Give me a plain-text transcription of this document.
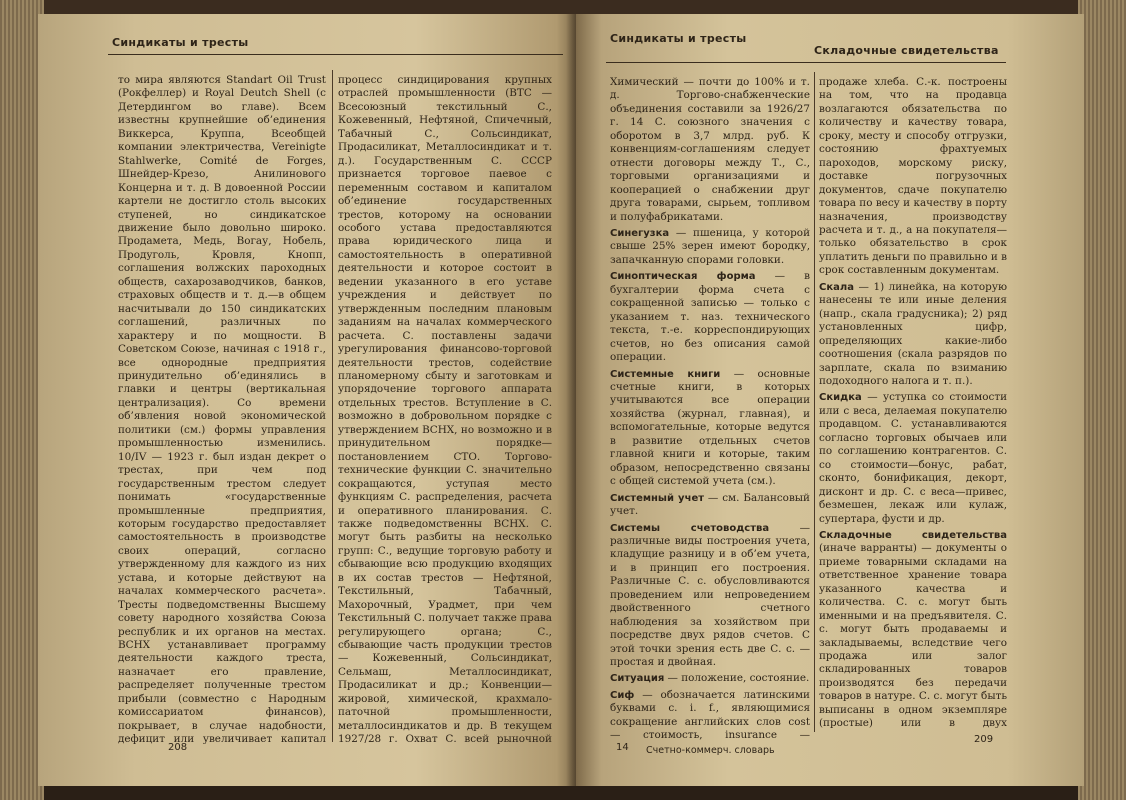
Синдикаты и тресты

то мира являются Standart Oil Trust (Рокфеллер) и Royal Deutch Shell (с Детердингом во главе). Всем известны крупнейшие об’единения Виккерса, Круппа, Всеобщей компании электричества, Vereinigte Stahlwerke, Comité de Forges, Шнейдер-Крезо, Анилинового Концерна и т. д. В довоенной России картели не достигло столь высоких ступеней, но синдикатское движение было довольно широко. Продамета, Медь, Вогау, Нобель, Продуголь, Кровля, Кнопп, соглашения волжских пароходных обществ, сахарозаводчиков, банков, страховых обществ и т. д.—в общем насчитывали до 150 синдикатских соглашений, различных по характеру и по мощности. В Советском Союзе, начиная с 1918 г., все однородные предприятия принудительно об’единялись в главки и центры (вертикальная централизация). Со времени об’явления новой экономической политики (см.) формы управления промышленностью изменились. 10/IV — 1923 г. был издан декрет о трестах, при чем под государственным трестом следует понимать «государственные промышленные предприятия, которым государство предоставляет самостоятельность в производстве своих операций, согласно утвержденному для каждого из них устава, и которые действуют на началах коммерческого расчета». Тресты подведомственны Высшему совету народного хозяйства Союза республик и их органов на местах. ВСНХ устанавливает программу деятельности каждого треста, назначает его правление, распределяет полученные трестом прибыли (совместно с Народным комиссариатом финансов), покрывает, в случае надобности, дефицит или увеличивает капитал

процесс синдицирования крупных отраслей промышленности (ВТС — Всесоюзный текстильный С., Кожевенный, Нефтяной, Спичечный, Табачный С., Сольсиндикат, Продасиликат, Металлосиндикат и т. д.). Государственным С. СССР признается торговое паевое с переменным составом и капиталом об’единение государственных трестов, которому на основании особого устава предоставляются права юридического лица и самостоятельность в оперативной деятельности и которое состоит в ведении указанного в его уставе учреждения и действует по утвержденным последним плановым заданиям на началах коммерческого расчета. С. поставлены задачи урегулирования финансово-торговой деятельности трестов, содействие планомерному сбыту и заготовкам и упорядочение торгового аппарата отдельных трестов. Вступление в С. возможно в добровольном порядке с утверждением ВСНХ, но возможно и в принудительном порядке—постановлением СТО. Торгово-технические функции С. значительно сокращаются, уступая место функциям С. распределения, расчета и оперативного планирования. С. также подведомственны ВСНХ. С. могут быть разбиты на несколько групп: С., ведущие торговую работу и сбывающие всю продукцию входящих в их состав трестов — Нефтяной, Текстильный, Табачный, Махорочный, Урадмет, при чем Текстильный С. получает также права регулирующего органа; С., сбывающие часть продукции трестов — Кожевенный, Сольсиндикат, Сельмаш, Металлосиндикат, Продасиликат и др.; Конвенции—жировой, химической, крахмало-паточной промышленности, металлосиндикатов и др. В текущем 1927/28 г. Охват С. всей рыночной

208
Синдикаты и тресты
Складочные свидетельства

Химический — почти до 100% и т. д. Торгово-снабженческие объединения составили за 1926/27 г. 14 С. союзного значения с оборотом в 3,7 млрд. руб. К конвенциям-соглашениям следует отнести договоры между Т., С., торговыми организациями и кооперацией о снабжении друг друга товарами, сырьем, топливом и полуфабрикатами.

Синегузка — пшеница, у которой свыше 25% зерен имеют бородку, запачканную спорами головки.

Синоптическая форма — в бухгалтерии форма счета с сокращенной записью — только с указанием т. наз. технического текста, т.-е. корреспондирующих счетов, но без описания самой операции.

Системные книги — основные счетные книги, в которых учитываются все операции хозяйства (журнал, главная), и вспомогательные, которые ведутся в развитие отдельных счетов главной книги и которые, таким образом, непосредственно связаны с общей системой учета (см.).

Системный учет — см. Балансовый учет.

Системы счетоводства — различные виды построения учета, кладущие разницу и в об’ем учета, и в принцип его построения. Различные С. с. обусловливаются проведением или непроведением двойственного счетного наблюдения за хозяйством при посредстве двух рядов счетов. С этой точки зрения есть две С. с. — простая и двойная.

Ситуация — положение, состояние.

Сиф — обозначается латинскими буквами c. i. f., являющимися сокращение английских слов cost — стоимость, insurance —

продаже хлеба. С.-к. построены на том, что на продавца возлагаются обязательства по количеству и качеству товара, сроку, месту и способу отгрузки, состоянию фрахтуемых пароходов, морскому риску, доставке погрузочных документов, сдаче покупателю товара по весу и качеству в порту назначения, производству расчета и т. д., а на покупателя— только обязательство в срок уплатить деньги по правильно и в срок составленным документам.

Скала — 1) линейка, на которую нанесены те или иные деления (напр., скала градусника); 2) ряд установленных цифр, определяющих какие-либо соотношения (скала разрядов по зарплате, скала по взиманию подоходного налога и т. п.).

Скидка — уступка со стоимости или с веса, делаемая покупателю продавцом. С. устанавливаются согласно торговых обычаев или по соглашению контрагентов. С. со стоимости—бонус, рабат, сконто, бонификация, декорт, дисконт и др. С. с веса—привес, безмешен, лекаж или кулаж, супертара, фусти и др.

Складочные свидетельства (иначе варранты) — документы о приеме товарными складами на ответственное хранение товара указанного качества и количества. С. с. могут быть именными и на предъявителя. С. с. могут быть продаваемы и закладываемы, вследствие чего продажа или залог складированных товаров производятся без передачи товаров в натуре. С. с. могут быть выписаны в одном экземпляре (простые) или в двух

14 Счетно-коммерч. словарь
209
